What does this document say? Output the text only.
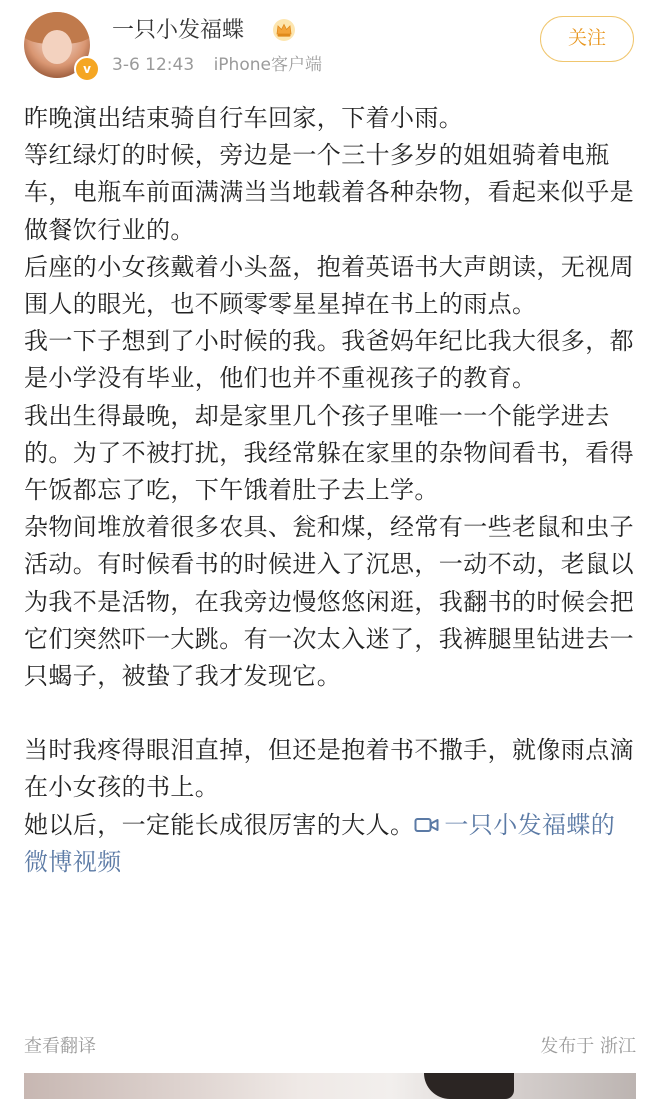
v
一只小发福蝶
3-6 12:43 iPhone客户端
关注

昨晚演出结束骑自行车回家，下着小雨。

等红绿灯的时候，旁边是一个三十多岁的姐姐骑着电瓶车，电瓶车前面满满当当地载着各种杂物，看起来似乎是做餐饮行业的。

后座的小女孩戴着小头盔，抱着英语书大声朗读，无视周围人的眼光，也不顾零零星星掉在书上的雨点。

我一下子想到了小时候的我。我爸妈年纪比我大很多，都是小学没有毕业，他们也并不重视孩子的教育。

我出生得最晚，却是家里几个孩子里唯一一个能学进去的。为了不被打扰，我经常躲在家里的杂物间看书，看得午饭都忘了吃，下午饿着肚子去上学。

杂物间堆放着很多农具、瓮和煤，经常有一些老鼠和虫子活动。有时候看书的时候进入了沉思，一动不动，老鼠以为我不是活物，在我旁边慢悠悠闲逛，我翻书的时候会把它们突然吓一大跳。有一次太入迷了，我裤腿里钻进去一只蝎子，被蛰了我才发现它。

当时我疼得眼泪直掉，但还是抱着书不撒手，就像雨点滴在小女孩的书上。

她以后，一定能长成很厉害的大人。 一只小发福蝶的微博视频

查看翻译	发布于 浙江
